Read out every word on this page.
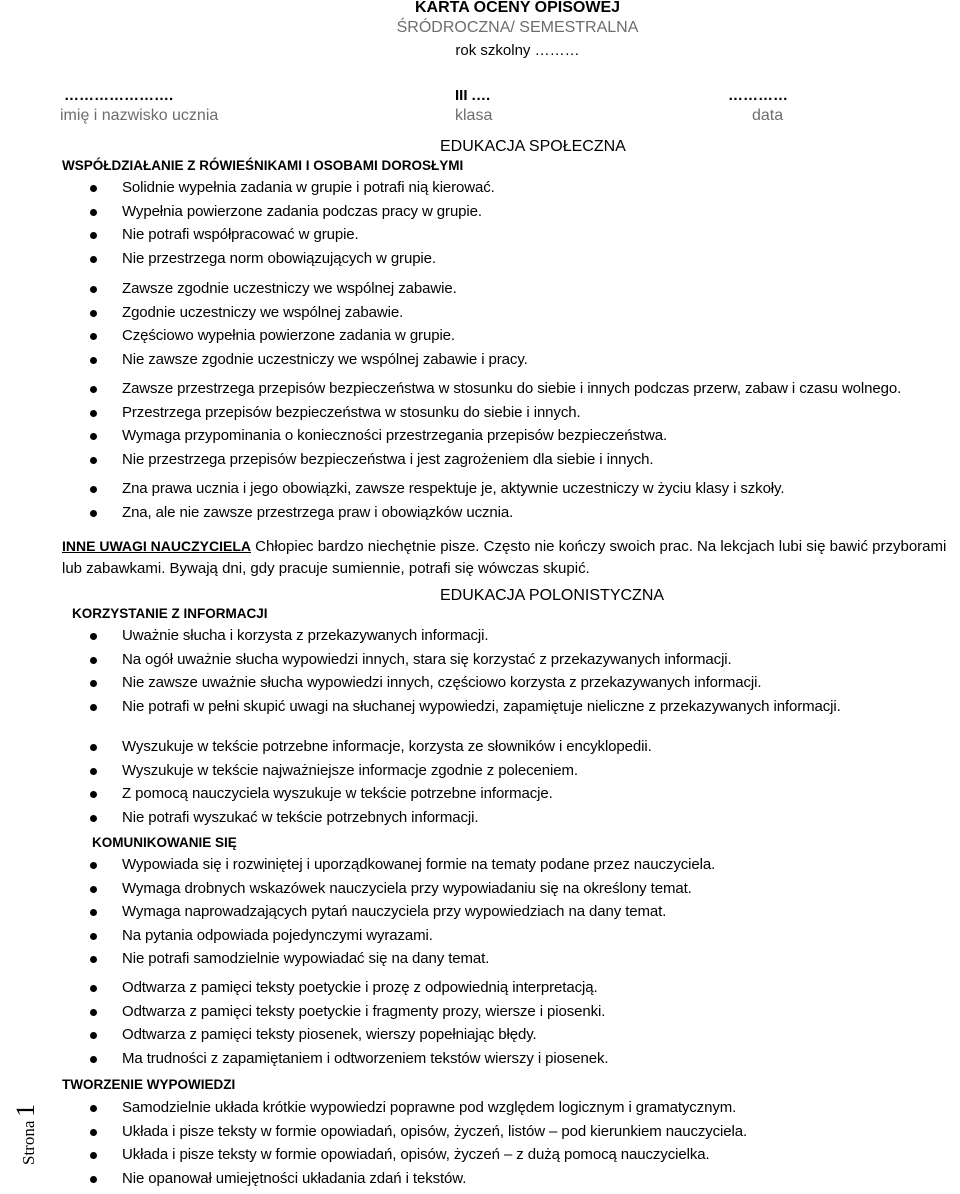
KARTA OCENY OPISOWEJ
ŚRÓDROCZNA/ SEMESTRALNA
rok szkolny ………
………………….	III .…	…………
imię i nazwisko ucznia	klasa	data
EDUKACJA SPOŁECZNA
WSPÓŁDZIAŁANIE Z RÓWIEŚNIKAMI I OSOBAMI DOROSŁYMI
Solidnie wypełnia zadania w grupie i potrafi nią kierować.
Wypełnia powierzone zadania podczas pracy w grupie.
Nie potrafi współpracować w grupie.
Nie przestrzega norm obowiązujących w grupie.
Zawsze zgodnie uczestniczy we wspólnej zabawie.
Zgodnie uczestniczy we wspólnej zabawie.
Częściowo wypełnia powierzone zadania w grupie.
Nie zawsze zgodnie uczestniczy we wspólnej zabawie i pracy.
Zawsze przestrzega przepisów bezpieczeństwa w stosunku do siebie i innych podczas przerw, zabaw i czasu wolnego.
Przestrzega przepisów bezpieczeństwa w stosunku do siebie i innych.
Wymaga przypominania o konieczności przestrzegania przepisów bezpieczeństwa.
Nie przestrzega przepisów bezpieczeństwa i jest zagrożeniem dla siebie i innych.
Zna prawa ucznia i jego obowiązki, zawsze respektuje je, aktywnie uczestniczy w życiu klasy i szkoły.
Zna, ale nie zawsze przestrzega praw i obowiązków ucznia.
INNE UWAGI NAUCZYCIELA Chłopiec bardzo niechętnie pisze. Często nie kończy swoich prac. Na lekcjach lubi się bawić przyborami
lub zabawkami. Bywają dni, gdy pracuje sumiennie, potrafi się wówczas skupić.
EDUKACJA POLONISTYCZNA
KORZYSTANIE Z INFORMACJI
Uważnie słucha i korzysta z przekazywanych informacji.
Na ogół uważnie słucha wypowiedzi innych, stara się korzystać z przekazywanych informacji.
Nie zawsze uważnie słucha wypowiedzi innych, częściowo korzysta z przekazywanych informacji.
Nie potrafi w pełni skupić uwagi na słuchanej wypowiedzi, zapamiętuje nieliczne z przekazywanych informacji.
Wyszukuje w tekście potrzebne informacje, korzysta ze słowników i encyklopedii.
Wyszukuje w tekście najważniejsze informacje zgodnie z poleceniem.
Z pomocą nauczyciela wyszukuje w tekście potrzebne informacje.
Nie potrafi wyszukać w tekście potrzebnych informacji.
KOMUNIKOWANIE SIĘ
Wypowiada się i rozwiniętej i uporządkowanej formie na tematy podane przez nauczyciela.
Wymaga drobnych wskazówek nauczyciela przy wypowiadaniu się na określony temat.
Wymaga naprowadzających pytań nauczyciela przy wypowiedziach na dany temat.
Na pytania odpowiada pojedynczymi wyrazami.
Nie potrafi samodzielnie wypowiadać się na dany temat.
Odtwarza z pamięci teksty poetyckie i prozę z odpowiednią interpretacją.
Odtwarza z pamięci teksty poetyckie i fragmenty prozy, wiersze i piosenki.
Odtwarza z pamięci teksty piosenek, wierszy popełniając błędy.
Ma trudności z zapamiętaniem i odtworzeniem tekstów wierszy i piosenek.
TWORZENIE WYPOWIEDZI
Samodzielnie układa krótkie wypowiedzi poprawne pod względem logicznym i gramatycznym.
Układa i pisze teksty w formie opowiadań, opisów, życzeń, listów – pod kierunkiem nauczyciela.
Układa i pisze teksty w formie opowiadań, opisów, życzeń – z dużą pomocą nauczycielka.
Nie opanował umiejętności układania zdań i tekstów.
Strona 1
